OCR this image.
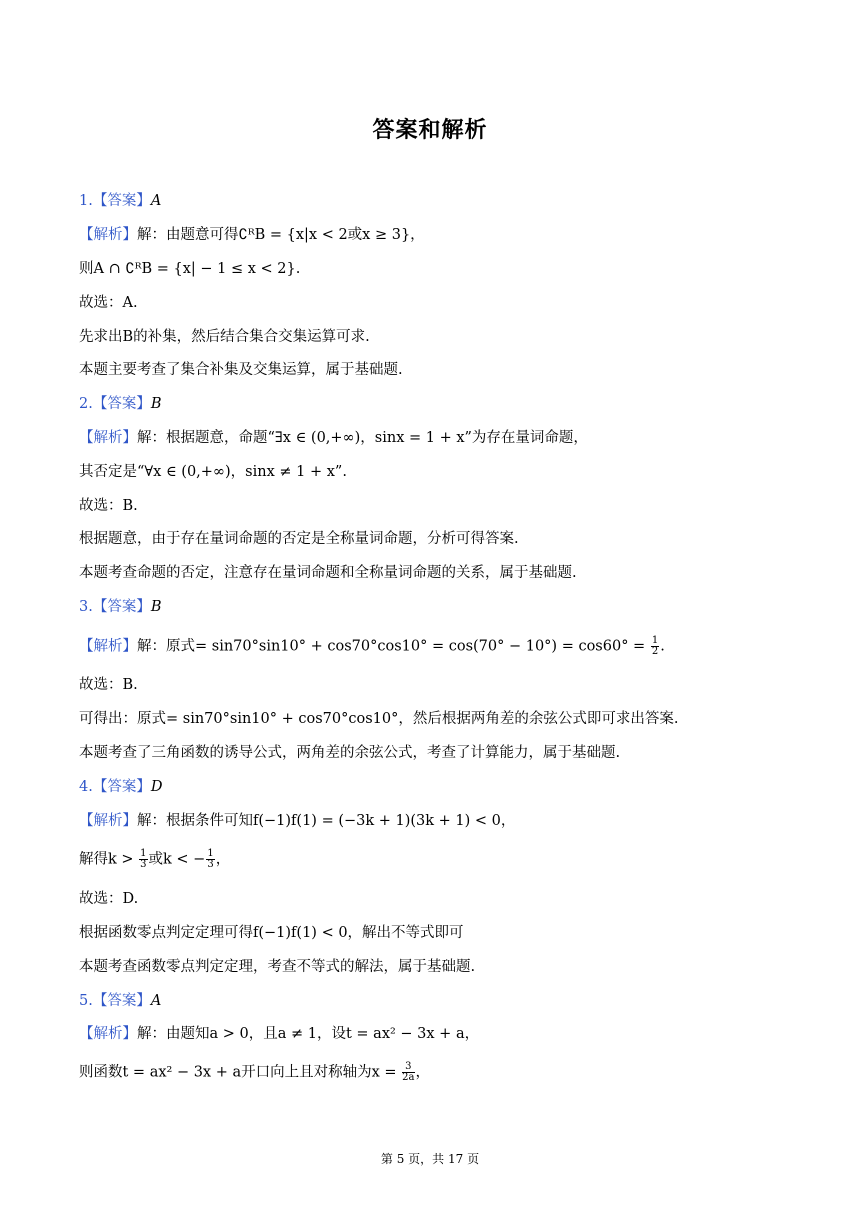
答案和解析
1.【答案】A
【解析】解：由题意可得∁ᴿB = {x|x < 2或x ≥ 3}，
则A ∩ ∁ᴿB = {x| − 1 ≤ x < 2}.
故选：A.
先求出B的补集，然后结合集合交集运算可求.
本题主要考查了集合补集及交集运算，属于基础题.
2.【答案】B
【解析】解：根据题意，命题“∃x ∈ (0,+∞)，sinx = 1 + x”为存在量词命题，
其否定是“∀x ∈ (0,+∞)，sinx ≠ 1 + x”.
故选：B.
根据题意，由于存在量词命题的否定是全称量词命题，分析可得答案.
本题考查命题的否定，注意存在量词命题和全称量词命题的关系，属于基础题.
3.【答案】B
【解析】解：原式= $\sin 70^\circ\sin 10^\circ + \cos 70^\circ\cos 10^\circ = \cos(70^\circ - 10^\circ) = \cos 60^\circ = \frac{1}{2}$ .
故选：B.
可得出：原式= sin70°sin10° + cos70°cos10°，然后根据两角差的余弦公式即可求出答案.
本题考查了三角函数的诱导公式，两角差的余弦公式，考查了计算能力，属于基础题.
4.【答案】D
【解析】解：根据条件可知f(−1)f(1) = (−3k + 1)(3k + 1) < 0，
解得$k > \frac{1}{3}$ 或k < − $\frac{1}{3}$ ，
故选：D.
根据函数零点判定定理可得f(−1)f(1) < 0，解出不等式即可
本题考查函数零点判定定理，考查不等式的解法，属于基础题.
5.【答案】A
【解析】解：由题知a > 0，且a ≠ 1，设t = ax² − 3x + a，
则函数t = ax² − 3x + a开口向上且对称轴为$x = \frac{3}{2a}$ ，
第 5 页，共 17 页
